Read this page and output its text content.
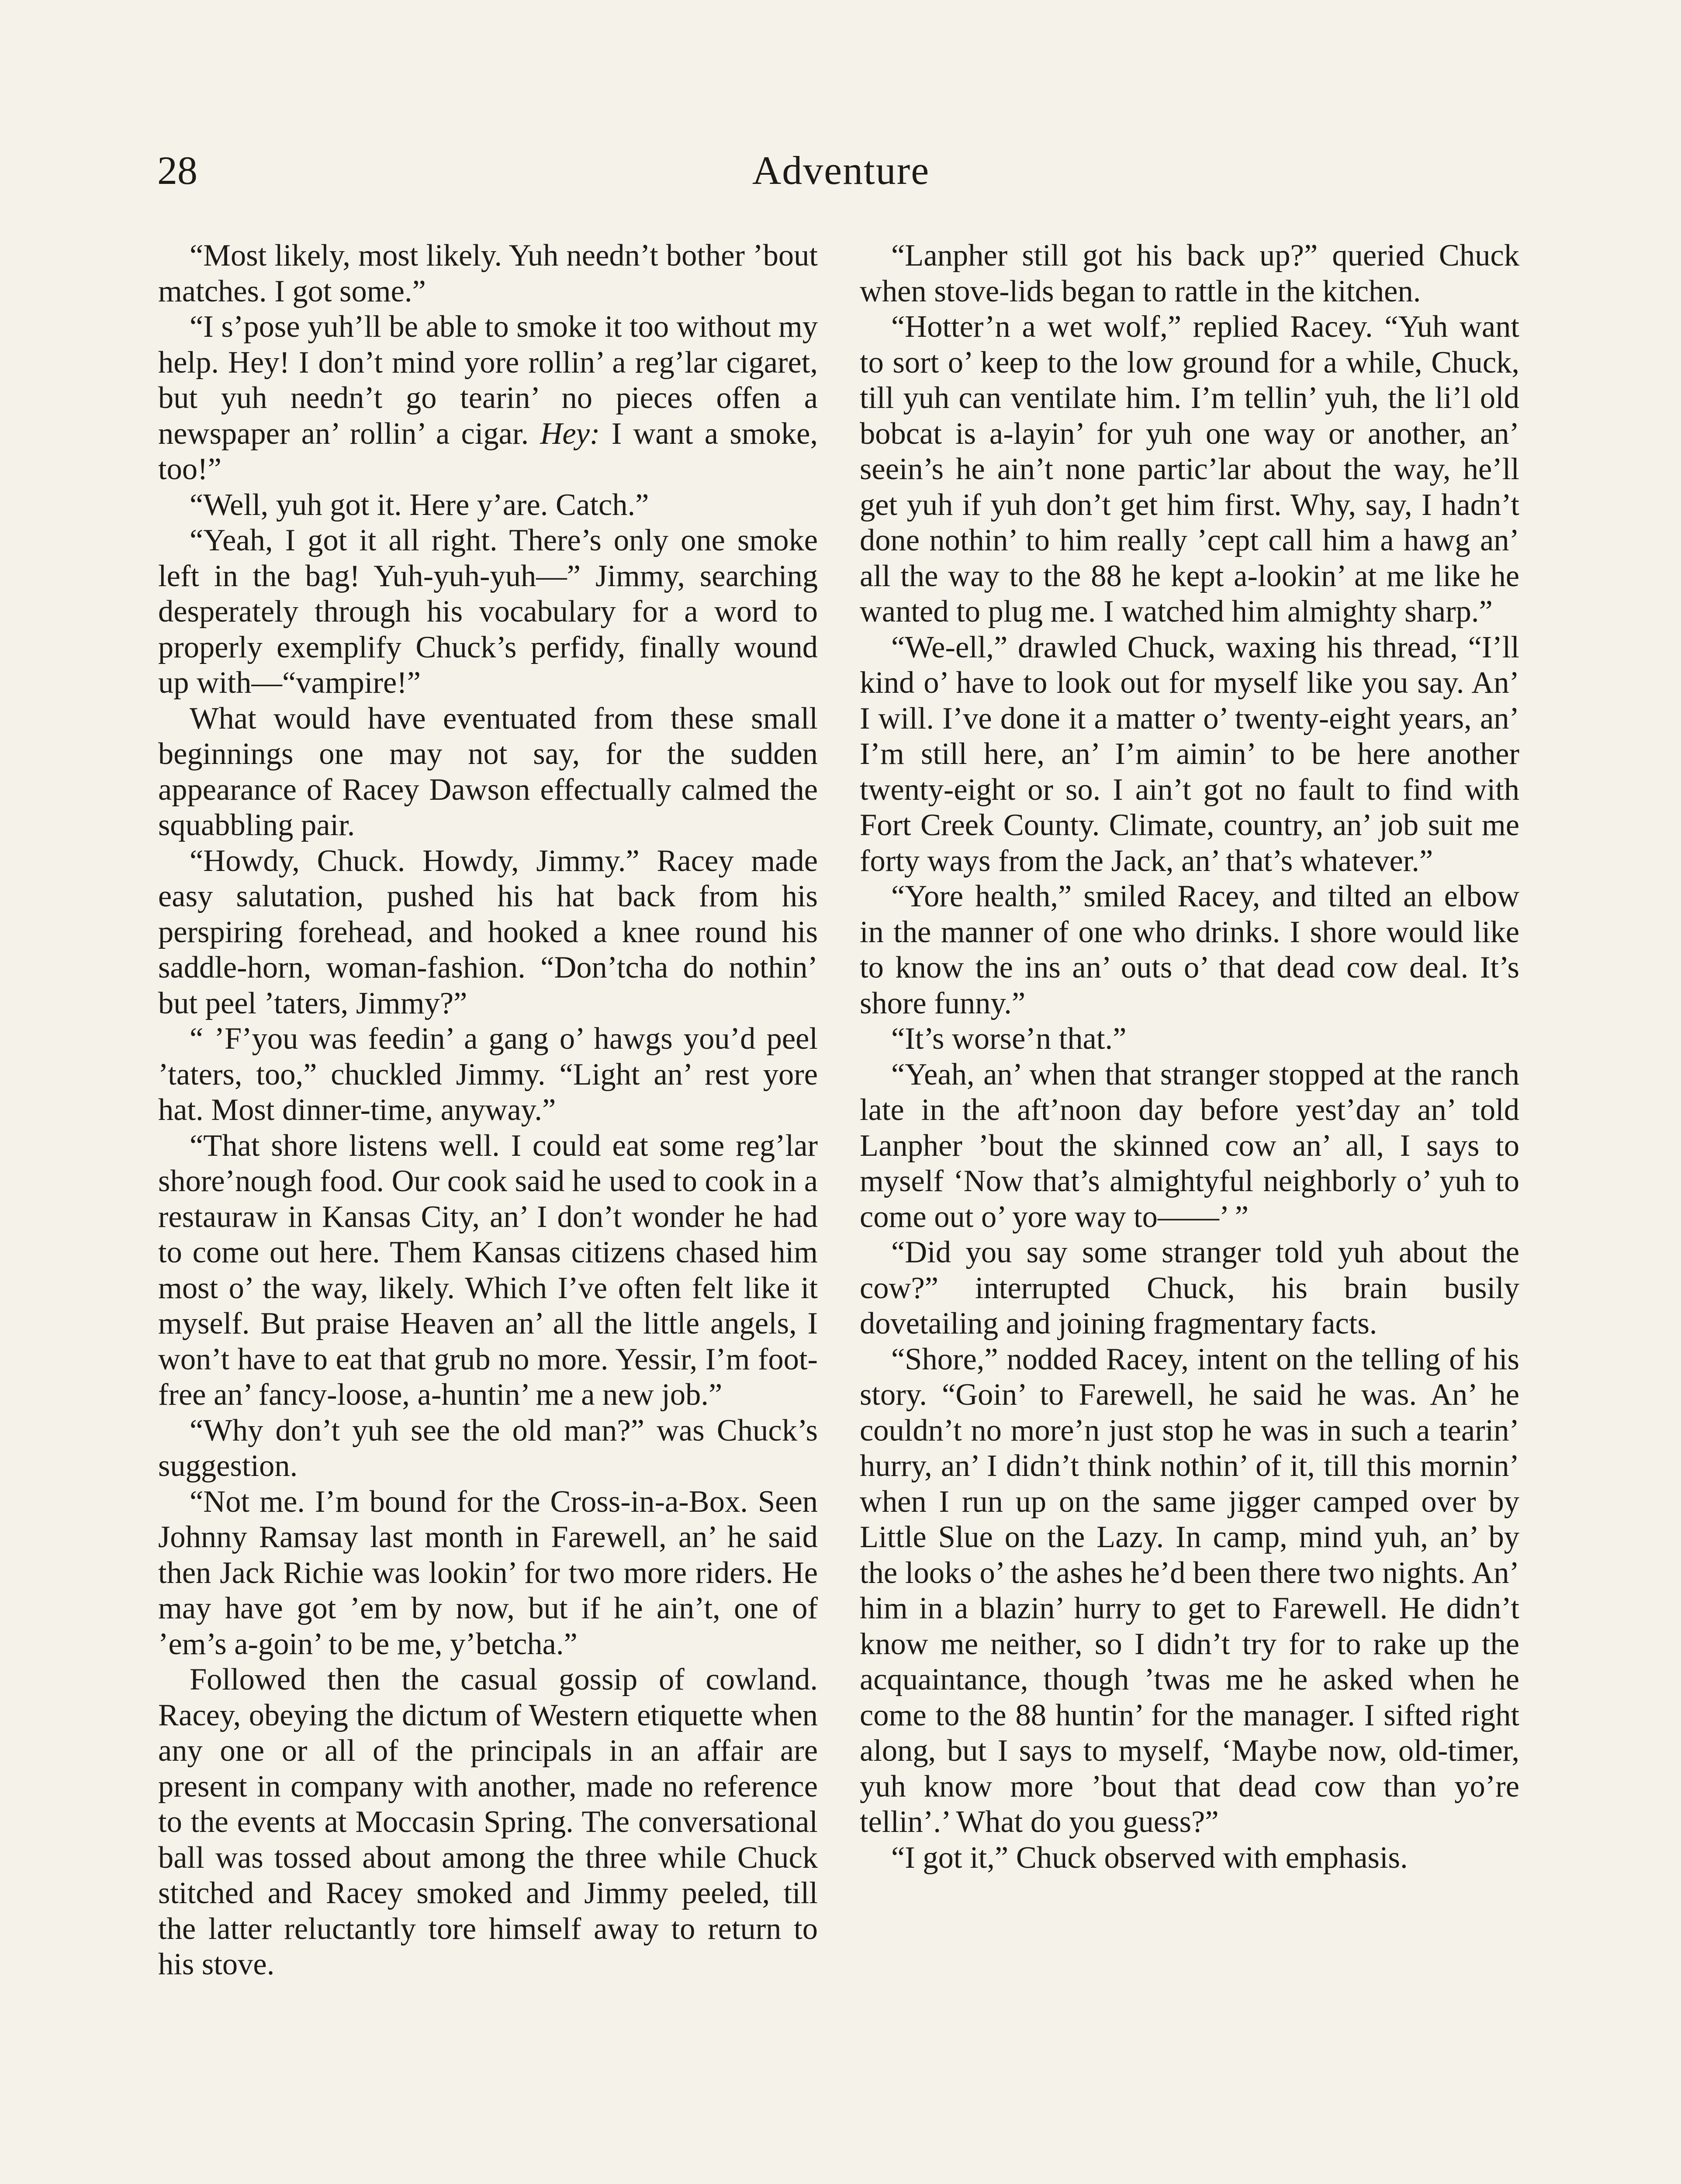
28	Adventure

“Most likely, most likely. Yuh needn’t bother ’bout matches. I got some.”

“I s’pose yuh’ll be able to smoke it too without my help. Hey! I don’t mind yore rollin’ a reg’lar cigaret, but yuh needn’t go tearin’ no pieces offen a newspaper an’ rollin’ a cigar. Hey: I want a smoke, too!”

“Well, yuh got it. Here y’are. Catch.”

“Yeah, I got it all right. There’s only one smoke left in the bag! Yuh-yuh-yuh—” Jimmy, searching desperately through his vocabulary for a word to properly exemplify Chuck’s perfidy, finally wound up with—“vampire!”

What would have eventuated from these small beginnings one may not say, for the sudden appearance of Racey Dawson effectually calmed the squabbling pair.

“Howdy, Chuck. Howdy, Jimmy.” Racey made easy salutation, pushed his hat back from his perspiring forehead, and hooked a knee round his saddle-horn, woman-fashion. “Don’tcha do nothin’ but peel ’taters, Jimmy?”

“ ’F’you was feedin’ a gang o’ hawgs you’d peel ’taters, too,” chuckled Jimmy. “Light an’ rest yore hat. Most dinner-time, anyway.”

“That shore listens well. I could eat some reg’lar shore’nough food. Our cook said he used to cook in a restauraw in Kansas City, an’ I don’t wonder he had to come out here. Them Kansas citizens chased him most o’ the way, likely. Which I’ve often felt like it myself. But praise Heaven an’ all the little angels, I won’t have to eat that grub no more. Yessir, I’m foot-free an’ fancy-loose, a-huntin’ me a new job.”

“Why don’t yuh see the old man?” was Chuck’s suggestion.

“Not me. I’m bound for the Cross-in-a-Box. Seen Johnny Ramsay last month in Farewell, an’ he said then Jack Richie was lookin’ for two more riders. He may have got ’em by now, but if he ain’t, one of ’em’s a-goin’ to be me, y’betcha.”

Followed then the casual gossip of cowland. Racey, obeying the dictum of Western etiquette when any one or all of the principals in an affair are present in company with another, made no reference to the events at Moccasin Spring. The conversational ball was tossed about among the three while Chuck stitched and Racey smoked and Jimmy peeled, till the latter reluctantly tore himself away to return to his stove.

“Lanpher still got his back up?” queried Chuck when stove-lids began to rattle in the kitchen.

“Hotter’n a wet wolf,” replied Racey. “Yuh want to sort o’ keep to the low ground for a while, Chuck, till yuh can ventilate him. I’m tellin’ yuh, the li’l old bobcat is a-layin’ for yuh one way or another, an’ seein’s he ain’t none partic’lar about the way, he’ll get yuh if yuh don’t get him first. Why, say, I hadn’t done nothin’ to him really ’cept call him a hawg an’ all the way to the 88 he kept a-lookin’ at me like he wanted to plug me. I watched him almighty sharp.”

“We-ell,” drawled Chuck, waxing his thread, “I’ll kind o’ have to look out for myself like you say. An’ I will. I’ve done it a matter o’ twenty-eight years, an’ I’m still here, an’ I’m aimin’ to be here another twenty-eight or so. I ain’t got no fault to find with Fort Creek County. Climate, country, an’ job suit me forty ways from the Jack, an’ that’s whatever.”

“Yore health,” smiled Racey, and tilted an elbow in the manner of one who drinks. I shore would like to know the ins an’ outs o’ that dead cow deal. It’s shore funny.”

“It’s worse’n that.”

“Yeah, an’ when that stranger stopped at the ranch late in the aft’noon day before yest’day an’ told Lanpher ’bout the skinned cow an’ all, I says to myself ‘Now that’s almightyful neighborly o’ yuh to come out o’ yore way to——’ ”

“Did you say some stranger told yuh about the cow?” interrupted Chuck, his brain busily dovetailing and joining fragmentary facts.

“Shore,” nodded Racey, intent on the telling of his story. “Goin’ to Farewell, he said he was. An’ he couldn’t no more’n just stop he was in such a tearin’ hurry, an’ I didn’t think nothin’ of it, till this mornin’ when I run up on the same jigger camped over by Little Slue on the Lazy. In camp, mind yuh, an’ by the looks o’ the ashes he’d been there two nights. An’ him in a blazin’ hurry to get to Farewell. He didn’t know me neither, so I didn’t try for to rake up the acquaintance, though ’twas me he asked when he come to the 88 huntin’ for the manager. I sifted right along, but I says to myself, ‘Maybe now, old-timer, yuh know more ’bout that dead cow than yo’re tellin’.’ What do you guess?”

“I got it,” Chuck observed with emphasis.
